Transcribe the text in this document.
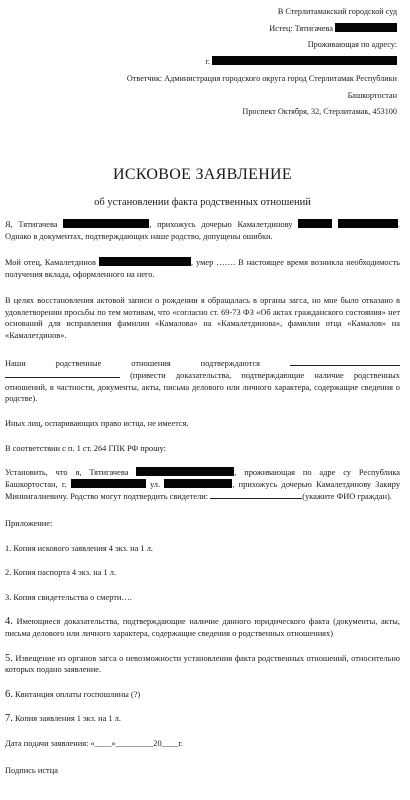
В Стерлитамакский городской суд
Истец: Тятигачева
Проживающая по адресу:
г.
Ответчик: Администрация городского округа город Стерлитамак Республики
Башкортостан
Проспект Октября, 32, Стерлитамак, 453100
ИСКОВОЕ ЗАЯВЛЕНИЕ
об установлении факта родственных отношений

Я, Тятигачева	, прихожусь дочерью Камалетдинову	. Однако в документах, подтверждающих наше родство, допущены ошибки.

Мой отец, Камалетдинов	, умер ……. В настоящее время возникла необходимость получения вклада, оформленного на него.

В целях восстановления актовой записи о рождении я обращалась в органы загса, но мне было отказано в удовлетворении просьбы по тем мотивам, что «согласно ст. 69-73 ФЗ «Об актах гражданского состояния» нет оснований для исправления фамилии «Камалова» на «Камалетдинова», фамилии отца «Камалов» на «Камалетдинов».

Наши родственные отношения подтверждаются   (привести доказательства, подтверждающие наличие родственных отношений, в частности, документы, акты, письма делового или личного характера, содержащие сведения о родстве).

Иных лиц, оспаривающих право истца, не имеется.

В соответствии с п. 1 ст. 264 ГПК РФ прошу:

Установить, что я, Тятигачева	, проживающая по адре су Республика Башкортостан, г.	ул.	, прихожусь дочерью Камалетдинову Закиру Миннигалиевичу. Родство могут подтвердить свидетели:	(укажите ФИО граждан).

Приложение:

1. Копия искового заявления 4 экз. на 1 л.

2. Копия паспорта 4 экз. на 1 л.

3. Копия свидетельства о смерти….

4. Имеющиеся доказательства, подтверждающие наличие данного юридического факта (документы, акты, письма делового или личного характера, содержащие сведения о родственных отношениях)

5. Извещение из органов загса о невозможности установления факта родственных отношений, относительно которых подано заявление.

6. Квитанция оплаты госпошлины (?)

7. Копия заявления 1 экз. на 1 л.

Дата подачи заявления: «____»_________20____г.

Подпись истца
